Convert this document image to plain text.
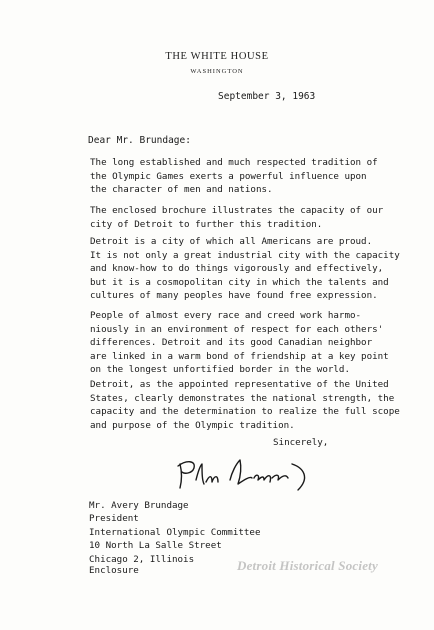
THE WHITE HOUSE
WASHINGTON
September 3, 1963
Dear Mr. Brundage:

The long established and much respected tradition of
the Olympic Games exerts a powerful influence upon
the character of men and nations.

The enclosed brochure illustrates the capacity of our
city of Detroit to further this tradition.

Detroit is a city of which all Americans are proud.
It is not only a great industrial city with the capacity
and know-how to do things vigorously and effectively,
but it is a cosmopolitan city in which the talents and
cultures of many peoples have found free expression.

People of almost every race and creed work harmo-
niously in an environment of respect for each others'
differences. Detroit and its good Canadian neighbor
are linked in a warm bond of friendship at a key point
on the longest unfortified border in the world.

Detroit, as the appointed representative of the United
States, clearly demonstrates the national strength, the
capacity and the determination to realize the full scope
and purpose of the Olympic tradition.

Sincerely,
Mr. Avery Brundage
President
International Olympic Committee
10 North La Salle Street
Chicago 2, Illinois
Enclosure	Detroit Historical Society
